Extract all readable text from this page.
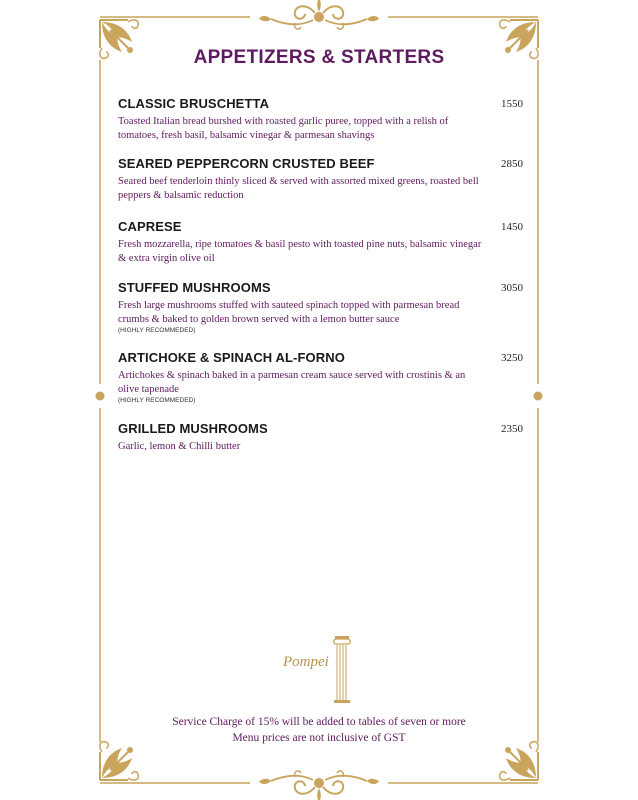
APPETIZERS & STARTERS
CLASSIC BRUSCHETTA	1550
Toasted Italian bread burshed with roasted garlic puree, topped with a relish of tomatoes, fresh basil, balsamic vinegar & parmesan shavings
SEARED PEPPERCORN CRUSTED BEEF	2850
Seared beef tenderloin thinly sliced & served with assorted mixed greens, roasted bell peppers & balsamic reduction
CAPRESE	1450
Fresh mozzarella, ripe tomatoes & basil pesto with toasted pine nuts, balsamic vinegar & extra virgin olive oil
STUFFED MUSHROOMS	3050
Fresh large mushrooms stuffed with sauteed spinach topped with parmesan bread crumbs & baked to golden brown served with a lemon butter sauce
(HIGHLY RECOMMEDED)
ARTICHOKE & SPINACH AL-FORNO	3250
Artichokes & spinach baked in a parmesan cream sauce served with crostinis & an olive tapenade
(HIGHLY RECOMMEDED)
GRILLED MUSHROOMS	2350
Garlic, lemon & Chilli butter
Pompei
Service Charge of 15% will be added to tables of seven or more
Menu prices are not inclusive of GST
